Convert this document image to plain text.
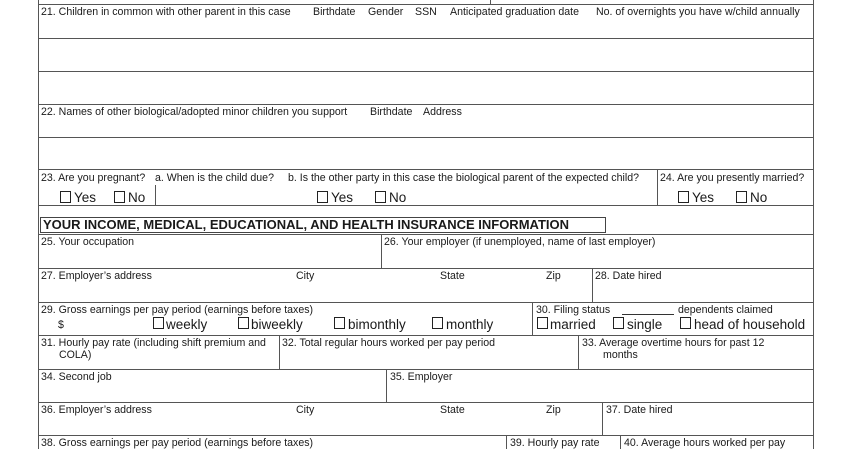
21. Children in common with other parent in this case Birthdate Gender SSN Anticipated graduation date No. of overnights you have w/child annually
22. Names of other biological/adopted minor children you support Birthdate Address
23. Are you pregnant? a. When is the child due? b. Is the other party in this case the biological parent of the expected child?
Yes No	Yes	No
24. Are you presently married?
Yes	No
YOUR INCOME, MEDICAL, EDUCATIONAL, AND HEALTH INSURANCE INFORMATION
25. Your occupation	26. Your employer (if unemployed, name of last employer)
27. Employer’s address	City	State	Zip	28. Date hired
29. Gross earnings per pay period (earnings before taxes)
$	weekly	biweekly	bimonthly	monthly
30. Filing status	dependents claimed
married single head of household
31. Hourly pay rate (including shift premium and
COLA)
32. Total regular hours worked per pay period	33. Average overtime hours for past 12
months
34. Second job	35. Employer
36. Employer’s address	City	State	Zip	37. Date hired
38. Gross earnings per pay period (earnings before taxes)	39. Hourly pay rate 40. Average hours worked per pay
